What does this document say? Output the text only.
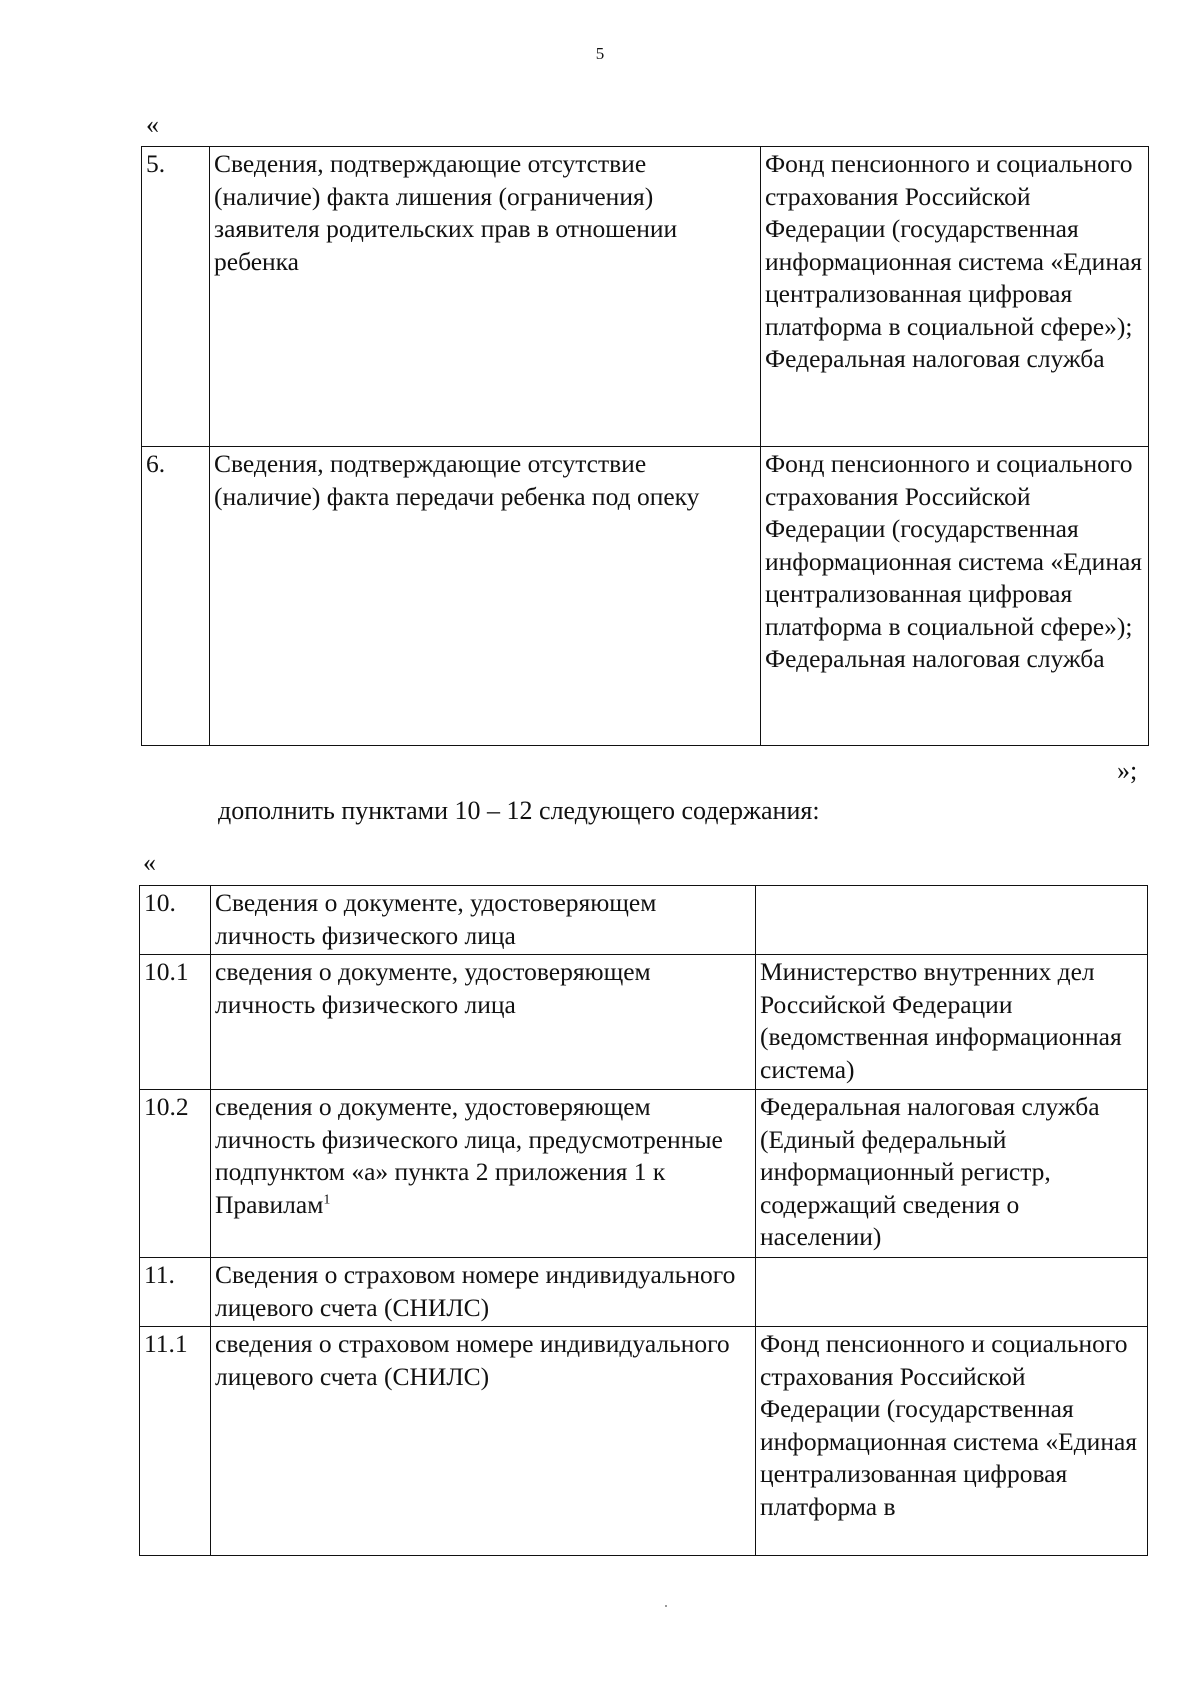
5
«
5.	Сведения, подтверждающие отсутствие (наличие) факта лишения (ограничения) заявителя родительских прав в отношении ребенка	Фонд пенсионного и социального страхования Российской Федерации (государственная информационная система «Единая централизованная цифровая платформа в социальной сфере»); Федеральная налоговая служба
6.	Сведения, подтверждающие отсутствие (наличие) факта передачи ребенка под опеку	Фонд пенсионного и социального страхования Российской Федерации (государственная информационная система «Единая централизованная цифровая платформа в социальной сфере»); Федеральная налоговая служба
»;
дополнить пунктами 10 – 12 следующего содержания:
«
10.	Сведения о документе, удостоверяющем личность физического лица	
10.1	сведения о документе, удостоверяющем личность физического лица	Министерство внутренних дел Российской Федерации (ведомственная информационная система)
10.2	сведения о документе, удостоверяющем личность физического лица, предусмотренные подпунктом «а» пункта 2 приложения 1 к Правилам$^1$	Федеральная налоговая служба (Единый федеральный информационный регистр, содержащий сведения о населении)
11.	Сведения о страховом номере индивидуального лицевого счета (СНИЛС)	
11.1	сведения о страховом номере индивидуального лицевого счета (СНИЛС)	Фонд пенсионного и социального страхования Российской Федерации (государственная информационная система «Единая централизованная цифровая платформа в
